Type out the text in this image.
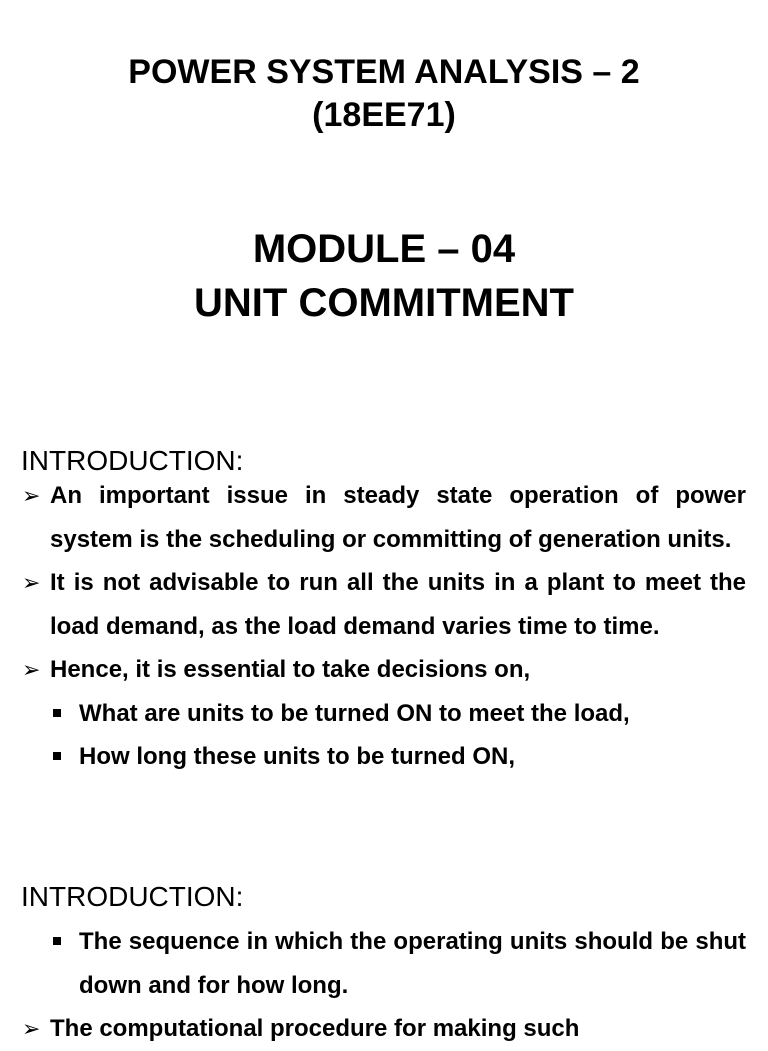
POWER SYSTEM ANALYSIS – 2
(18EE71)
MODULE – 04
UNIT COMMITMENT
INTRODUCTION:
➢ An important issue in steady state operation of power system is the scheduling or committing of generation units.
➢ It is not advisable to run all the units in a plant to meet the load demand, as the load demand varies time to time.
➢ Hence, it is essential to take decisions on,
What are units to be turned ON to meet the load,
How long these units to be turned ON,
INTRODUCTION:
The sequence in which the operating units should be shut down and for how long.
➢ The computational procedure for making such
